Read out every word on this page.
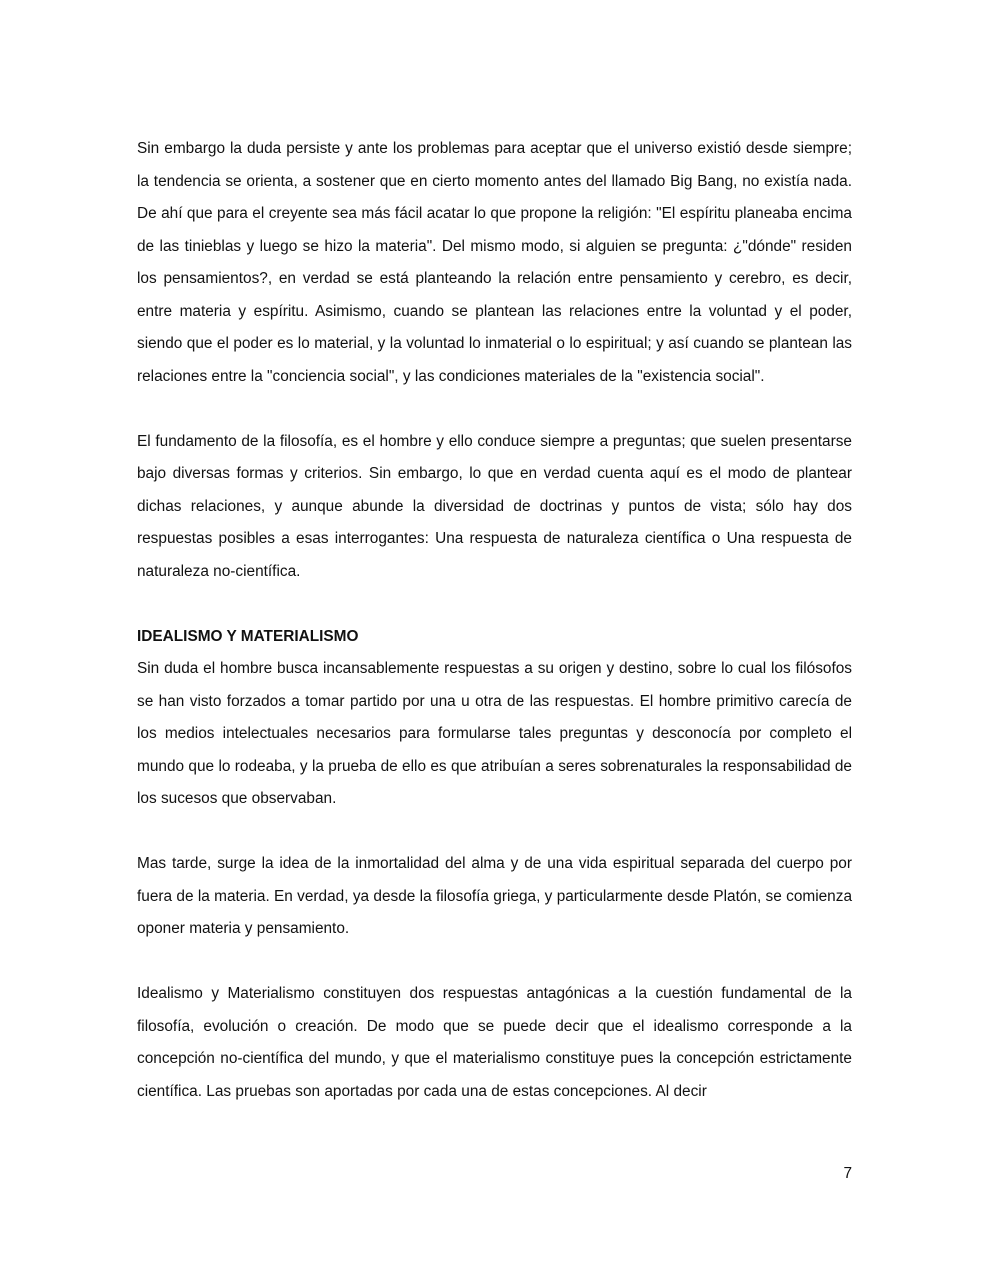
Sin embargo la duda persiste y ante los problemas para aceptar que el universo existió desde siempre; la tendencia se orienta, a sostener que en cierto momento antes del llamado Big Bang, no existía nada. De ahí que para el creyente sea más fácil acatar lo que propone la religión: "El espíritu planeaba encima de las tinieblas y luego se hizo la materia". Del mismo modo, si alguien se pregunta: ¿"dónde" residen los pensamientos?, en verdad se está planteando la relación entre pensamiento y cerebro, es decir, entre materia y espíritu. Asimismo, cuando se plantean las relaciones entre la voluntad y el poder, siendo que el poder es lo material, y la voluntad lo inmaterial o lo espiritual; y así cuando se plantean las relaciones entre la "conciencia social", y las condiciones materiales de la "existencia social".

El fundamento de la filosofía, es el hombre y ello conduce siempre a preguntas; que suelen presentarse bajo diversas formas y criterios. Sin embargo, lo que en verdad cuenta aquí es el modo de plantear dichas relaciones, y aunque abunde la diversidad de doctrinas y puntos de vista; sólo hay dos respuestas posibles a esas interrogantes: Una respuesta de naturaleza científica o Una respuesta de naturaleza no-científica.

IDEALISMO Y MATERIALISMO

Sin duda el hombre busca incansablemente respuestas a su origen y destino, sobre lo cual los filósofos se han visto forzados a tomar partido por una u otra de las respuestas. El hombre primitivo carecía de los medios intelectuales necesarios para formularse tales preguntas y desconocía por completo el mundo que lo rodeaba, y la prueba de ello es que atribuían a seres sobrenaturales la responsabilidad de los sucesos que observaban.

Mas tarde, surge la idea de la inmortalidad del alma y de una vida espiritual separada del cuerpo por fuera de la materia. En verdad, ya desde la filosofía griega, y particularmente desde Platón, se comienza oponer materia y pensamiento.

Idealismo y Materialismo constituyen dos respuestas antagónicas a la cuestión fundamental de la filosofía, evolución o creación. De modo que se puede decir que el idealismo corresponde a la concepción no-científica del mundo, y que el materialismo constituye pues la concepción estrictamente científica. Las pruebas son aportadas por cada una de estas concepciones. Al decir

7
